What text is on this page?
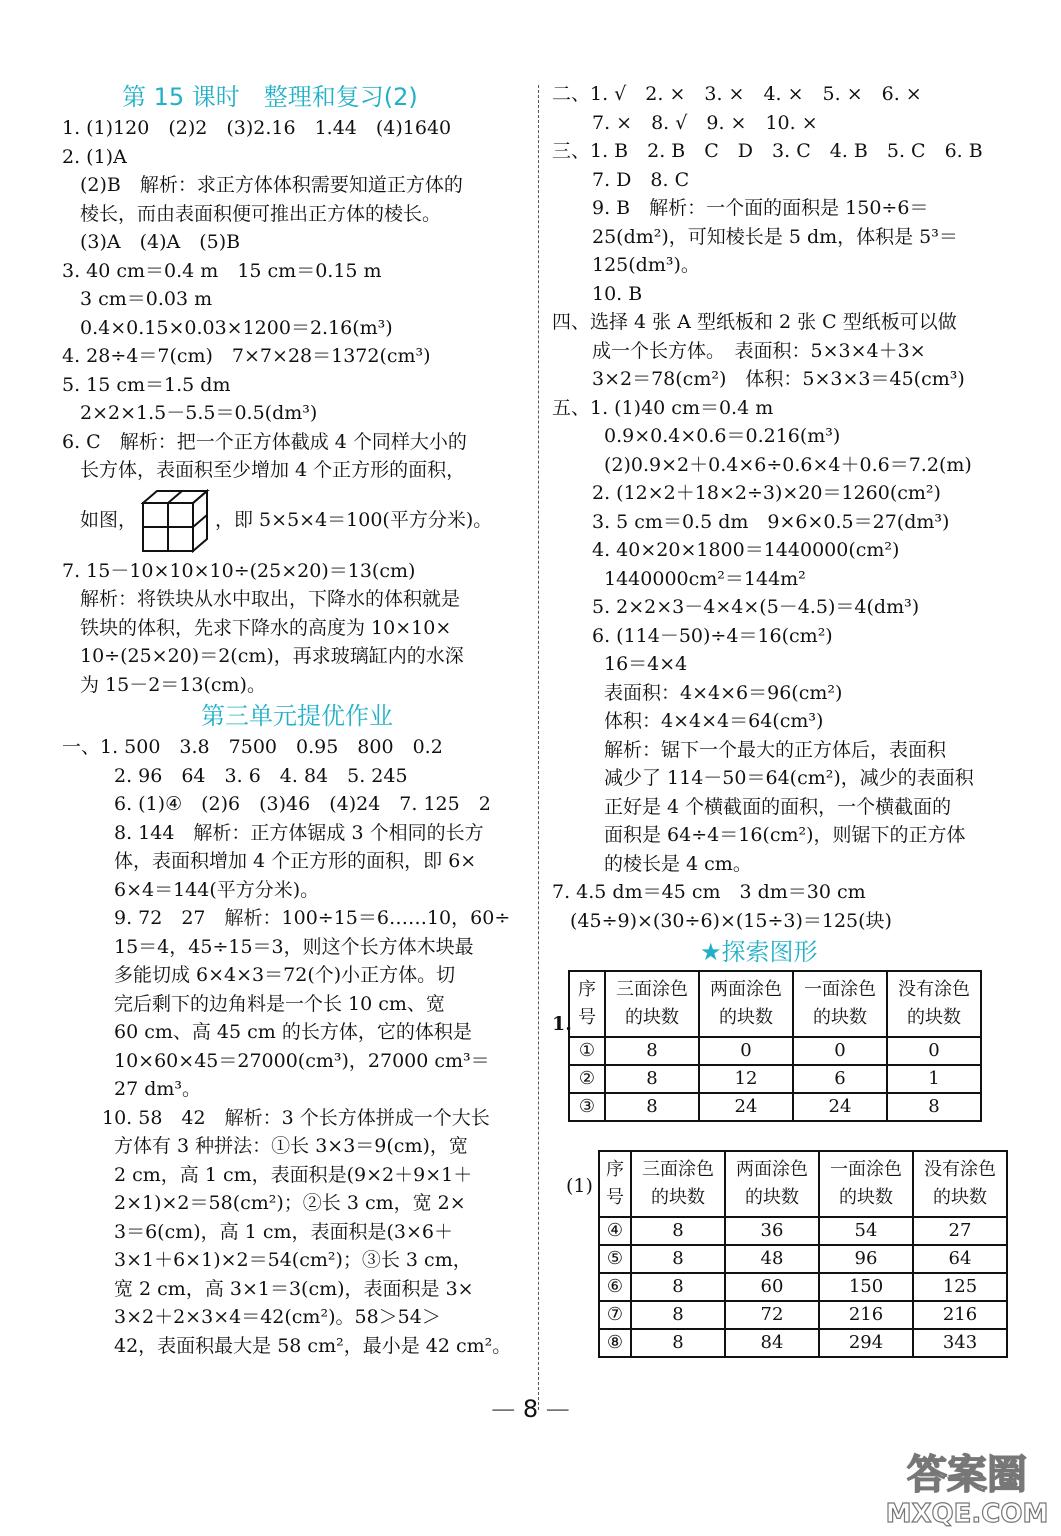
第 15 课时　整理和复习(2)
1. (1)120　(2)2　(3)2.16　1.44　(4)1640
2. (1)A
(2)B　解析：求正方体体积需要知道正方体的
棱长，而由表面积便可推出正方体的棱长。
(3)A　(4)A　(5)B
3. 40 cm＝0.4 m　15 cm＝0.15 m
3 cm＝0.03 m
0.4×0.15×0.03×1200＝2.16(m³)
4. 28÷4＝7(cm)　7×7×28＝1372(cm³)
5. 15 cm＝1.5 dm
2×2×1.5－5.5＝0.5(dm³)
6. C　解析：把一个正方体截成 4 个同样大小的
长方体，表面积至少增加 4 个正方形的面积，
如图，	，即 5×5×4＝100(平方分米)。
7. 15－10×10×10÷(25×20)＝13(cm)
解析：将铁块从水中取出，下降水的体积就是
铁块的体积，先求下降水的高度为 10×10×
10÷(25×20)＝2(cm)，再求玻璃缸内的水深
为 15－2＝13(cm)。
第三单元提优作业
一、1. 500　3.8　7500　0.95　800　0.2
2. 96　64　3. 6　4. 84　5. 245
6. (1)④　(2)6　(3)46　(4)24　7. 125　2
8. 144　解析：正方体锯成 3 个相同的长方
体，表面积增加 4 个正方形的面积，即 6×
6×4＝144(平方分米)。
9. 72　27　解析：100÷15＝6……10，60÷
15＝4，45÷15＝3，则这个长方体木块最
多能切成 6×4×3＝72(个)小正方体。切
完后剩下的边角料是一个长 10 cm、宽
60 cm、高 45 cm 的长方体，它的体积是
10×60×45＝27000(cm³)，27000 cm³＝
27 dm³。
10. 58　42　解析：3 个长方体拼成一个大长
方体有 3 种拼法：①长 3×3＝9(cm)，宽
2 cm，高 1 cm，表面积是(9×2＋9×1＋
2×1)×2＝58(cm²)；②长 3 cm，宽 2×
3＝6(cm)，高 1 cm，表面积是(3×6＋
3×1＋6×1)×2＝54(cm²)；③长 3 cm，
宽 2 cm，高 3×1＝3(cm)，表面积是 3×
3×2＋2×3×4＝42(cm²)。58＞54＞
42，表面积最大是 58 cm²，最小是 42 cm²。
二、1. √　2. ×　3. ×　4. ×　5. ×　6. ×
7. ×　8. √　9. ×　10. ×
三、1. B　2. B　C　D　3. C　4. B　5. C　6. B
7. D　8. C
9. B　解析：一个面的面积是 150÷6＝
25(dm²)，可知棱长是 5 dm，体积是 5³＝
125(dm³)。
10. B
四、选择 4 张 A 型纸板和 2 张 C 型纸板可以做
成一个长方体。　表面积：5×3×4＋3×
3×2＝78(cm²)　体积：5×3×3＝45(cm³)
五、1. (1)40 cm＝0.4 m
0.9×0.4×0.6＝0.216(m³)
(2)0.9×2＋0.4×6÷0.6×4＋0.6＝7.2(m)
2. (12×2＋18×2÷3)×20＝1260(cm²)
3. 5 cm＝0.5 dm　9×6×0.5＝27(dm³)
4. 40×20×1800＝1440000(cm²)
1440000cm²＝144m²
5. 2×2×3－4×4×(5－4.5)＝4(dm³)
6. (114－50)÷4＝16(cm²)
16＝4×4
表面积：4×4×6＝96(cm²)
体积：4×4×4＝64(cm³)
解析：锯下一个最大的正方体后，表面积
减少了 114－50＝64(cm²)，减少的表面积
正好是 4 个横截面的面积，一个横截面的
面积是 64÷4＝16(cm²)，则锯下的正方体
的棱长是 4 cm。
7. 4.5 dm＝45 cm　3 dm＝30 cm
(45÷9)×(30÷6)×(15÷3)＝125(块)
★探索图形
1.
序号	三面涂色的块数	两面涂色的块数	一面涂色的块数	没有涂色的块数
①	8	0	0	0
②	8	12	6	1
③	8	24	24	8
(1)
序号	三面涂色的块数	两面涂色的块数	一面涂色的块数	没有涂色的块数
④	8	36	54	27
⑤	8	48	96	64
⑥	8	60	150	125
⑦	8	72	216	216
⑧	8	84	294	343
— 8 —
答案圈
MXQE.COM
